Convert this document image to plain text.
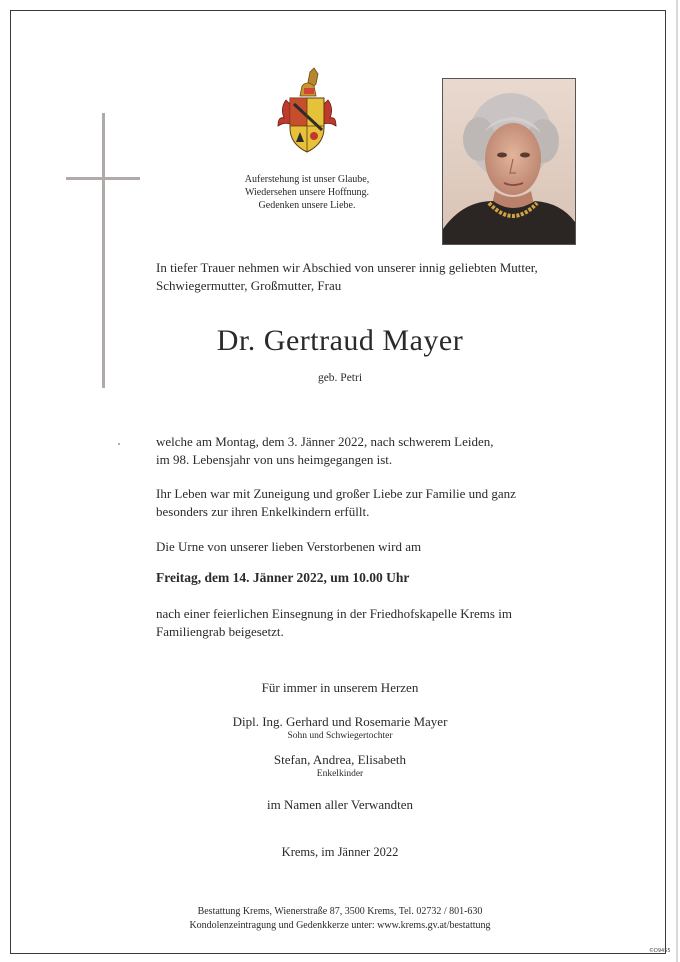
Auferstehung ist unser Glaube,
Wiedersehen unsere Hoffnung.
Gedenken unsere Liebe.
In tiefer Trauer nehmen wir Abschied von unserer innig geliebten Mutter,
Schwiegermutter, Großmutter, Frau
Dr. Gertraud Mayer
geb. Petri
welche am Montag, dem 3. Jänner 2022, nach schwerem Leiden,
im 98. Lebensjahr von uns heimgegangen ist.
Ihr Leben war mit Zuneigung und großer Liebe zur Familie und ganz
besonders zur ihren Enkelkindern erfüllt.
Die Urne von unserer lieben Verstorbenen wird am
Freitag, dem 14. Jänner 2022, um 10.00 Uhr
nach einer feierlichen Einsegnung in der Friedhofskapelle Krems im
Familiengrab beigesetzt.
Für immer in unserem Herzen
Dipl. Ing. Gerhard und Rosemarie Mayer
Sohn und Schwiegertochter
Stefan, Andrea, Elisabeth
Enkelkinder
im Namen aller Verwandten
Krems, im Jänner 2022
Bestattung Krems, Wienerstraße 87, 3500 Krems, Tel. 02732 / 801-630
Kondolenzeintragung und Gedenkkerze unter: www.krems.gv.at/bestattung
©D9455
